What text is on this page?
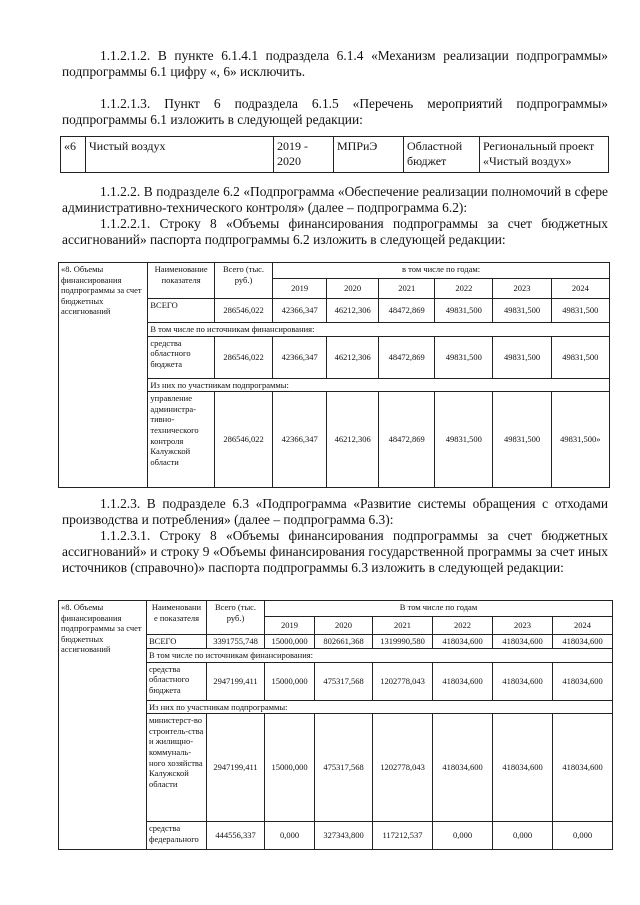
1.1.2.1.2. В пункте 6.1.4.1 подраздела 6.1.4 «Механизм реализации подпрограммы» подпрограммы 6.1 цифру «, 6» исключить.

1.1.2.1.3. Пункт 6 подраздела 6.1.5 «Перечень мероприятий подпрограммы» подпрограммы 6.1 изложить в следующей редакции:

«6	Чистый воздух	2019 - 2020	МПРиЭ	Областной бюджет	Региональный проект «Чистый воздух»

1.1.2.2. В подразделе 6.2 «Подпрограмма «Обеспечение реализации полномочий в сфере административно-технического контроля» (далее – подпрограмма 6.2):

1.1.2.2.1. Строку 8 «Объемы финансирования подпрограммы за счет бюджетных ассигнований» паспорта подпрограммы 6.2 изложить в следующей редакции:

«8. Объемы финансирования подпрограммы за счет бюджетных ассигнований	Наименование показателя	Всего (тыс. руб.)	в том числе по годам:					
			2019	2020	2021	2022	2023	2024
	ВСЕГО	286546,022	42366,347	46212,306	48472,869	49831,500	49831,500	49831,500
	В том числе по источникам финансирования:							
	средства областного бюджета	286546,022	42366,347	46212,306	48472,869	49831,500	49831,500	49831,500
	Из них по участникам подпрограммы:							
	управление администра-тивно-технического контроля Калужской области	286546,022	42366,347	46212,306	48472,869	49831,500	49831,500	49831,500»

1.1.2.3. В подразделе 6.3 «Подпрограмма «Развитие системы обращения с отходами производства и потребления» (далее – подпрограмма 6.3):

1.1.2.3.1. Строку 8 «Объемы финансирования подпрограммы за счет бюджетных ассигнований» и строку 9 «Объемы финансирования государственной программы за счет иных источников (справочно)» паспорта подпрограммы 6.3 изложить в следующей редакции:

«8. Объемы финансирования подпрограммы за счет бюджетных ассигнований	Наименовани е показателя	Всего (тыс. руб.)	В том числе по годам					
			2019	2020	2021	2022	2023	2024
	ВСЕГО	3391755,748	15000,000	802661,368	1319990,580	418034,600	418034,600	418034,600
	В том числе по источникам финансирования:							
	средства областного бюджета	2947199,411	15000,000	475317,568	1202778,043	418034,600	418034,600	418034,600
	Из них по участникам подпрограммы:							
	министерст-во строитель-ства и жилищно-коммуналь-ного хозяйства Калужской области	2947199,411	15000,000	475317,568	1202778,043	418034,600	418034,600	418034,600
	средства федерального	444556,337	0,000	327343,800	117212,537	0,000	0,000	0,000
